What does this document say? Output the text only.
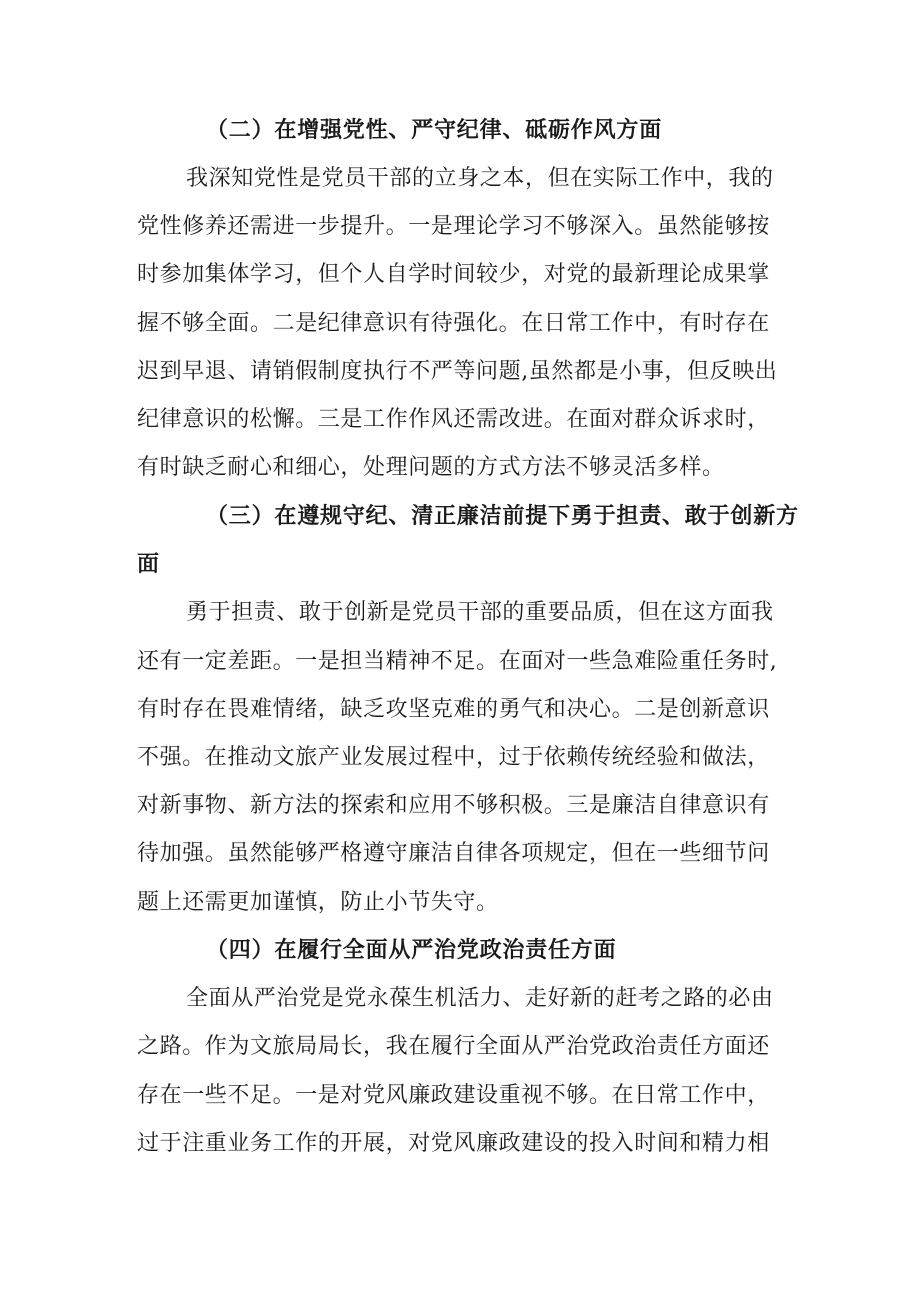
（二）在增强党性、严守纪律、砥砺作风方面
我深知党性是党员干部的立身之本，但在实际工作中，我的
党性修养还需进一步提升。一是理论学习不够深入。虽然能够按
时参加集体学习，但个人自学时间较少，对党的最新理论成果掌
握不够全面。二是纪律意识有待强化。在日常工作中，有时存在
迟到早退、请销假制度执行不严等问题,虽然都是小事，但反映出
纪律意识的松懈。三是工作作风还需改进。在面对群众诉求时，
有时缺乏耐心和细心，处理问题的方式方法不够灵活多样。
（三）在遵规守纪、清正廉洁前提下勇于担责、敢于创新方
面
勇于担责、敢于创新是党员干部的重要品质，但在这方面我
还有一定差距。一是担当精神不足。在面对一些急难险重任务时,
有时存在畏难情绪，缺乏攻坚克难的勇气和决心。二是创新意识
不强。在推动文旅产业发展过程中，过于依赖传统经验和做法，
对新事物、新方法的探索和应用不够积极。三是廉洁自律意识有
待加强。虽然能够严格遵守廉洁自律各项规定，但在一些细节问
题上还需更加谨慎，防止小节失守。
（四）在履行全面从严治党政治责任方面
全面从严治党是党永葆生机活力、走好新的赶考之路的必由
之路。作为文旅局局长，我在履行全面从严治党政治责任方面还
存在一些不足。一是对党风廉政建设重视不够。在日常工作中，
过于注重业务工作的开展，对党风廉政建设的投入时间和精力相
